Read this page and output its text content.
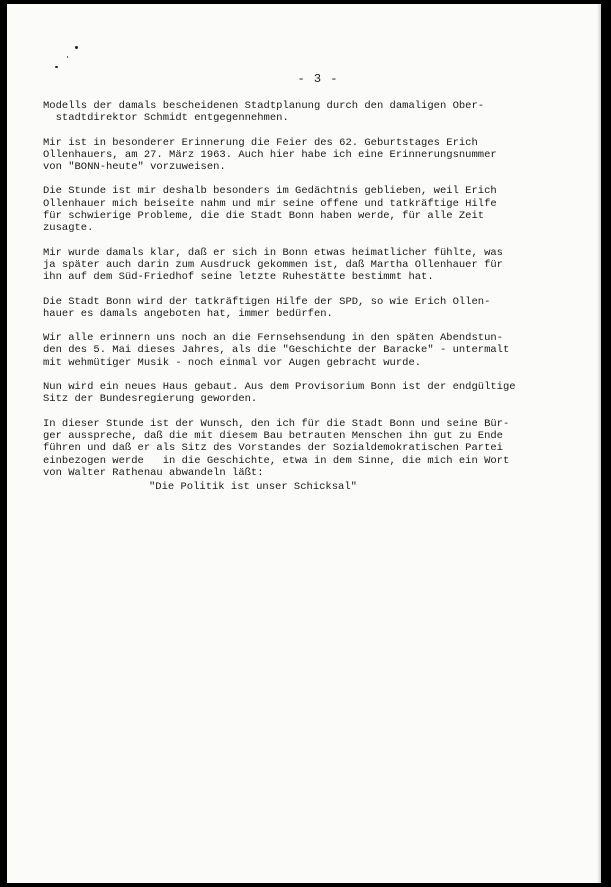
- 3 -

Modells der damals bescheidenen Stadtplanung durch den damaligen Ober-
stadtdirektor Schmidt entgegennehmen.

Mir ist in besonderer Erinnerung die Feier des 62. Geburtstages Erich
Ollenhauers, am 27. März 1963. Auch hier habe ich eine Erinnerungsnummer
von "BONN-heute" vorzuweisen.

Die Stunde ist mir deshalb besonders im Gedächtnis geblieben, weil Erich
Ollenhauer mich beiseite nahm und mir seine offene und tatkräftige Hilfe
für schwierige Probleme, die die Stadt Bonn haben werde, für alle Zeit
zusagte.

Mir wurde damals klar, daß er sich in Bonn etwas heimatlicher fühlte, was
ja später auch darin zum Ausdruck gekommen ist, daß Martha Ollenhauer für
ihn auf dem Süd-Friedhof seine letzte Ruhestätte bestimmt hat.

Die Stadt Bonn wird der tatkräftigen Hilfe der SPD, so wie Erich Ollen-
hauer es damals angeboten hat, immer bedürfen.

Wir alle erinnern uns noch an die Fernsehsendung in den späten Abendstun-
den des 5. Mai dieses Jahres, als die "Geschichte der Baracke" - untermalt
mit wehmütiger Musik - noch einmal vor Augen gebracht wurde.

Nun wird ein neues Haus gebaut. Aus dem Provisorium Bonn ist der endgültige
Sitz der Bundesregierung geworden.

In dieser Stunde ist der Wunsch, den ich für die Stadt Bonn und seine Bür-
ger ausspreche, daß die mit diesem Bau betrauten Menschen ihn gut zu Ende
führen und daß er als Sitz des Vorstandes der Sozialdemokratischen Partei
einbezogen werde   in die Geschichte, etwa in dem Sinne, die mich ein Wort
von Walter Rathenau abwandeln läßt:

"Die Politik ist unser Schicksal"
